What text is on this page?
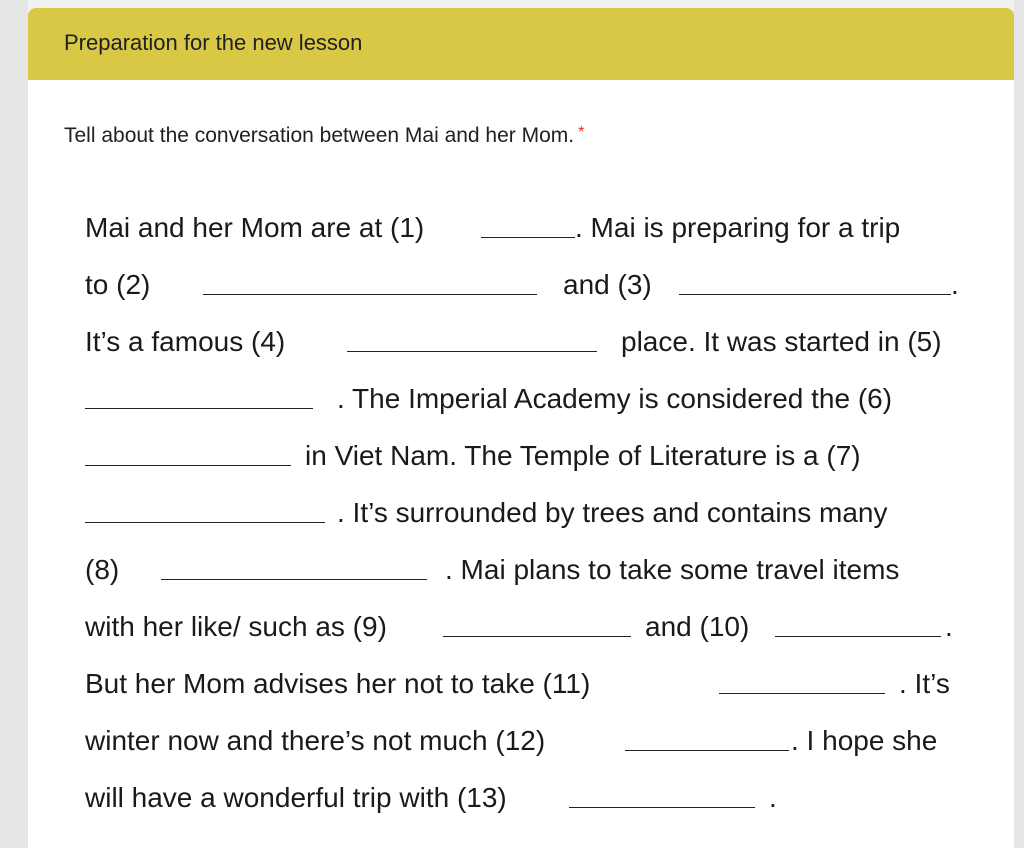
Preparation for the new lesson
Tell about the conversation between Mai and her Mom. *
Mai and her Mom are at (1)	. Mai is preparing for a trip
to (2)	and (3)	.
It’s a famous (4)	place. It was started in (5)
. The Imperial Academy is considered the (6)
in Viet Nam. The Temple of Literature is a (7)
. It’s surrounded by trees and contains many
(8)	. Mai plans to take some travel items
with her like/ such as (9)	and (10)	.
But her Mom advises her not to take (11)	. It’s
winter now and there’s not much (12)	. I hope she
will have a wonderful trip with (13)	.
